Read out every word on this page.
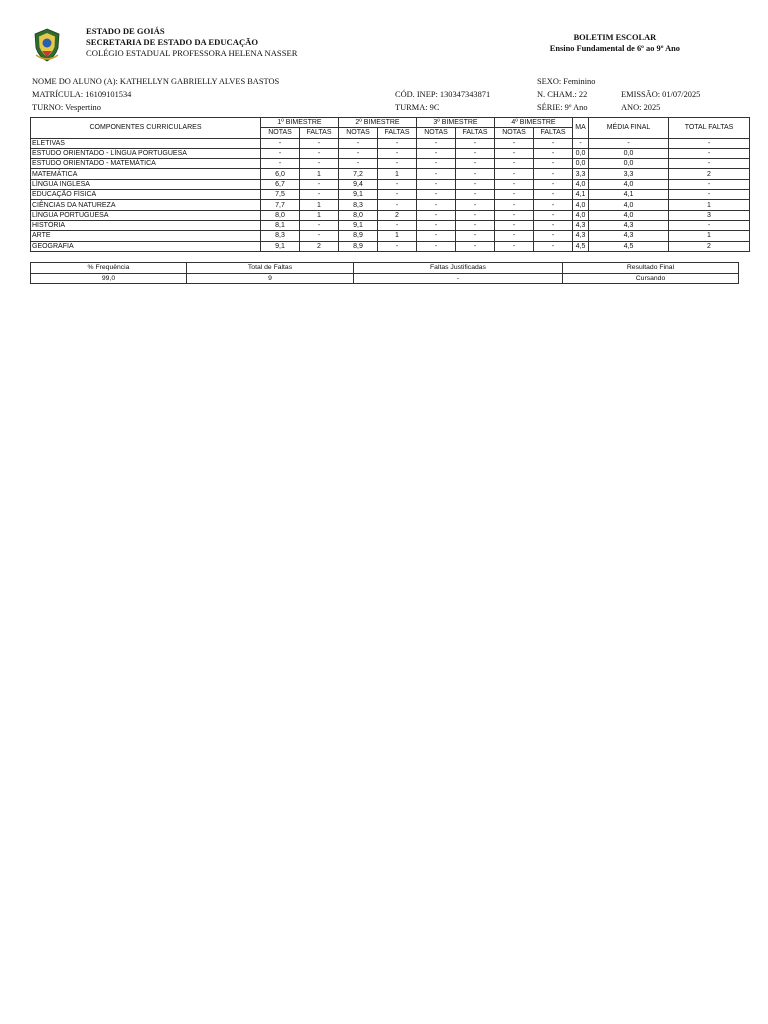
ESTADO DE GOIÁS
SECRETARIA DE ESTADO DA EDUCAÇÃO
COLÉGIO ESTADUAL PROFESSORA HELENA NASSER
BOLETIM ESCOLAR
Ensino Fundamental de 6º ao 9º Ano
NOME DO ALUNO (A): KATHELLYN GABRIELLY ALVES BASTOS	SEXO: Feminino
MATRÍCULA: 16109101534	CÓD. INEP: 130347343871	N. CHAM.: 22	EMISSÃO: 01/07/2025
TURNO: Vespertino	TURMA: 9C	SÉRIE: 9º Ano	ANO: 2025
COMPONENTES CURRICULARES	1º BIMESTRE		2º BIMESTRE		3º BIMESTRE		4º BIMESTRE		MA	MÉDIA FINAL	TOTAL FALTAS
	NOTAS	FALTAS	NOTAS	FALTAS	NOTAS	FALTAS	NOTAS	FALTAS			
ELETIVAS	-	-	-	-	-	-	-	-	-	-	-
ESTUDO ORIENTADO - LÍNGUA PORTUGUESA	-	-	-	-	-	-	-	-	0,0	0,0	-
ESTUDO ORIENTADO - MATEMÁTICA	-	-	-	-	-	-	-	-	0,0	0,0	-
MATEMÁTICA	6,0	1	7,2	1	-	-	-	-	3,3	3,3	2
LÍNGUA INGLESA	6,7	-	9,4	-	-	-	-	-	4,0	4,0	-
EDUCAÇÃO FÍSICA	7,5	-	9,1	-	-	-	-	-	4,1	4,1	-
CIÊNCIAS DA NATUREZA	7,7	1	8,3	-	-	-	-	-	4,0	4,0	1
LÍNGUA PORTUGUESA	8,0	1	8,0	2	-	-	-	-	4,0	4,0	3
HISTÓRIA	8,1	-	9,1	-	-	-	-	-	4,3	4,3	-
ARTE	8,3	-	8,9	1	-	-	-	-	4,3	4,3	1
GEOGRAFIA	9,1	2	8,9	-	-	-	-	-	4,5	4,5	2
% Frequência	Total de Faltas	Faltas Justificadas	Resultado Final
99,0	9	-	Cursando
